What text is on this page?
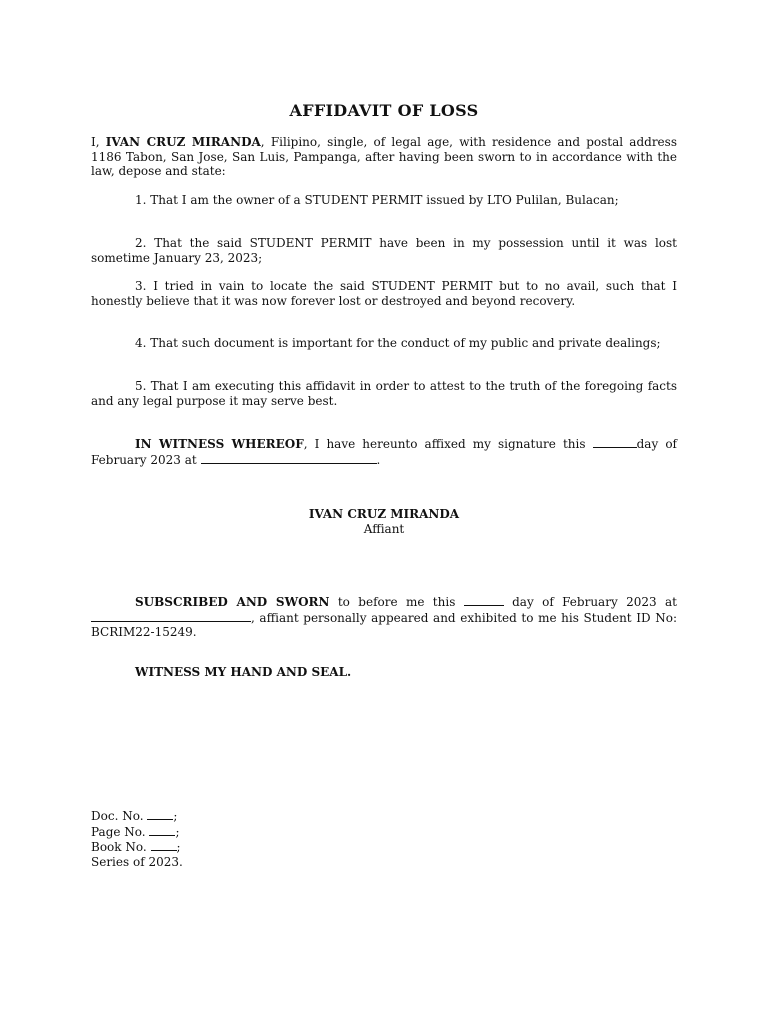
AFFIDAVIT OF LOSS

I, IVAN CRUZ MIRANDA, Filipino, single, of legal age, with residence and postal address 1186 Tabon, San Jose, San Luis, Pampanga, after having been sworn to in accordance with the law, depose and state:

1. That I am the owner of a STUDENT PERMIT issued by LTO Pulilan, Bulacan;

2. That the said STUDENT PERMIT have been in my possession until it was lost sometime January 23, 2023;

3. I tried in vain to locate the said STUDENT PERMIT but to no avail, such that I honestly believe that it was now forever lost or destroyed and beyond recovery.

4. That such document is important for the conduct of my public and private dealings;

5. That I am executing this affidavit in order to attest to the truth of the foregoing facts and any legal purpose it may serve best.

IN WITNESS WHEREOF, I have hereunto affixed my signature this	day of February 2023 at	.

IVAN CRUZ MIRANDA
Affiant

SUBSCRIBED AND SWORN to before me this	day of February 2023 at , affiant personally appeared and exhibited to me his Student ID No: BCRIM22-15249.

WITNESS MY HAND AND SEAL.

Doc. No. ;
Page No. ;
Book No. ;
Series of 2023.
